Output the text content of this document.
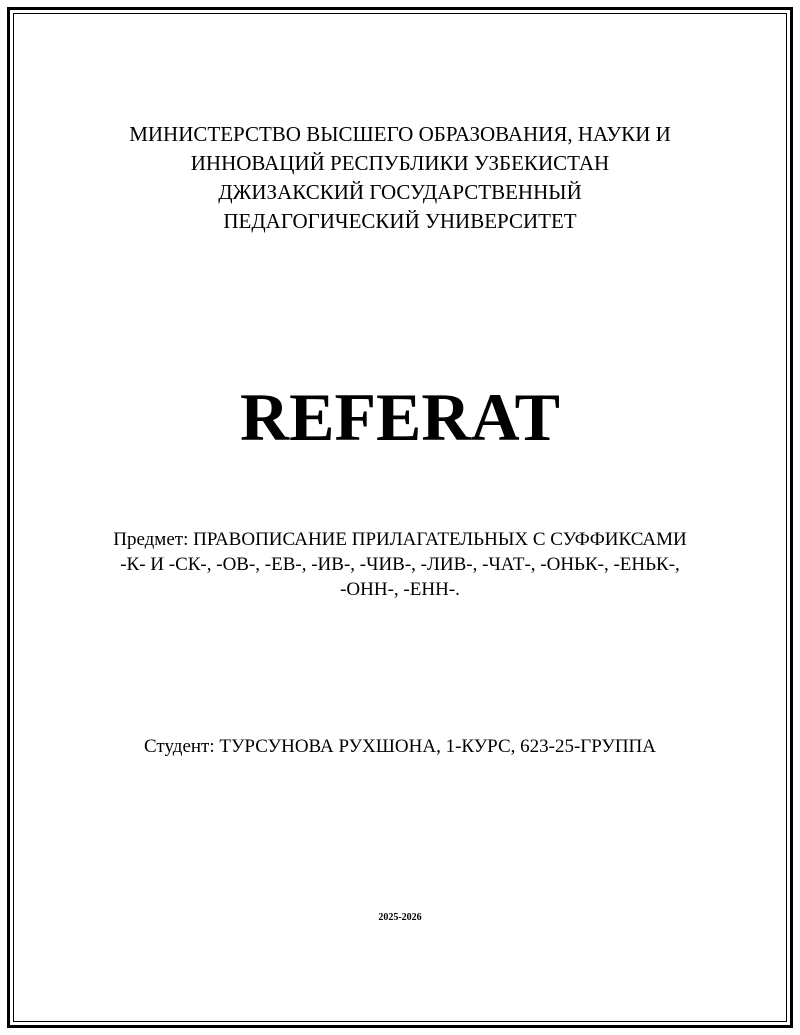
МИНИСТЕРСТВО ВЫСШЕГО ОБРАЗОВАНИЯ, НАУКИ И
ИННОВАЦИЙ РЕСПУБЛИКИ УЗБЕКИСТАН
ДЖИЗАКСКИЙ ГОСУДАРСТВЕННЫЙ
ПЕДАГОГИЧЕСКИЙ УНИВЕРСИТЕТ
REFERAT
Предмет: ПРАВОПИСАНИЕ ПРИЛАГАТЕЛЬНЫХ С СУФФИКСАМИ
-К- И -СК-, -ОВ-, -ЕВ-, -ИВ-, -ЧИВ-, -ЛИВ-, -ЧАТ-, -ОНЬК-, -ЕНЬК-,
-ОНН-, -ЕНН-.
Студент: ТУРСУНОВА РУХШОНА, 1-КУРС, 623-25-ГРУППА
2025-2026
